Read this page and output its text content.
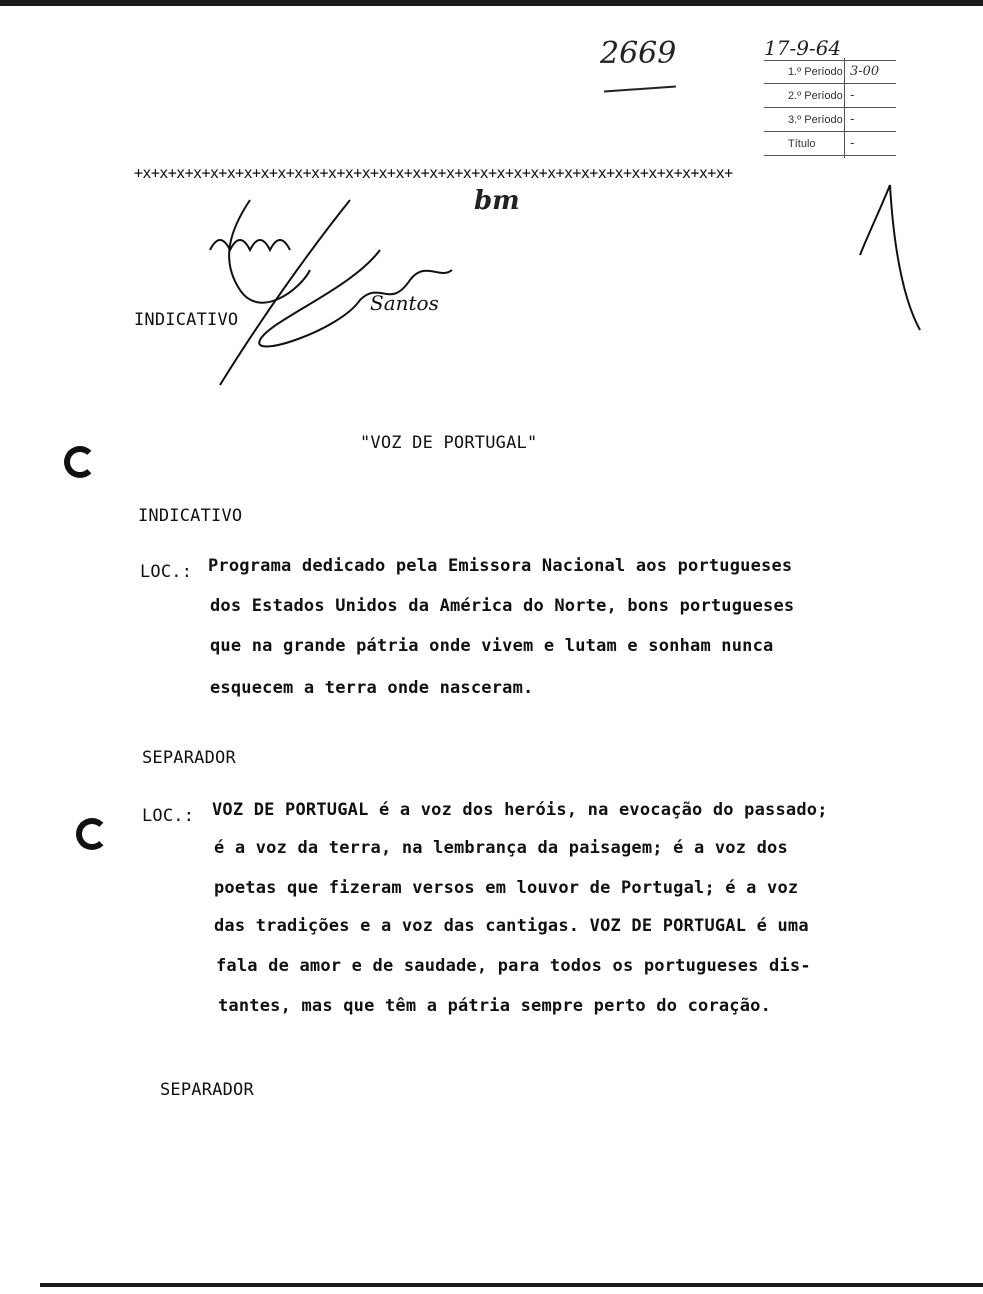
2669	17-9-64
1.º Período 3-00
2.º Período -
3.º Período -
Título	-
+x+x+x+x+x+x+x+x+x+x+x+x+x+x+x+x+x+x+x+x+x+x+x+x+x+x+x+x+x+x+x+x+x+x+x+
bm
Santos
INDICATIVO
"VOZ DE PORTUGAL"
INDICATIVO
LOC.: Programa dedicado pela Emissora Nacional aos portugueses
dos Estados Unidos da América do Norte, bons portugueses
que na grande pátria onde vivem e lutam e sonham nunca
esquecem a terra onde nasceram.
SEPARADOR
LOC.: VOZ DE PORTUGAL é a voz dos heróis, na evocação do passado;
é a voz da terra, na lembrança da paisagem; é a voz dos
poetas que fizeram versos em louvor de Portugal; é a voz
das tradições e a voz das cantigas. VOZ DE PORTUGAL é uma
fala de amor e de saudade, para todos os portugueses dis-
tantes, mas que têm a pátria sempre perto do coração.
SEPARADOR
